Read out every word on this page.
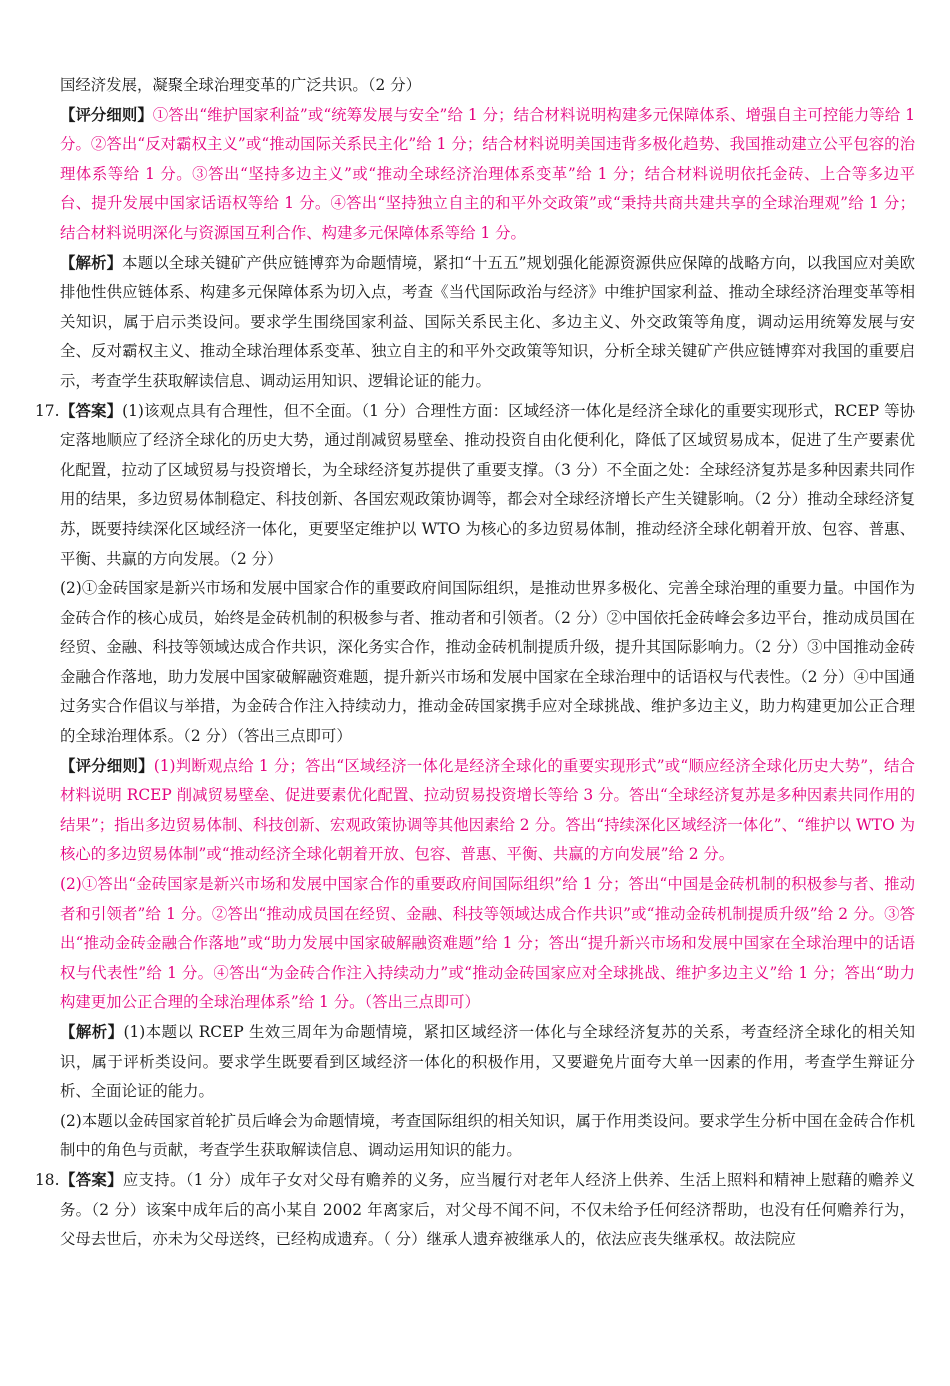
国经济发展，凝聚全球治理变革的广泛共识。（2 分）

【评分细则】①答出“维护国家利益”或“统筹发展与安全”给 1 分；结合材料说明构建多元保障体系、增强自主可控能力等给 1 分。②答出“反对霸权主义”或“推动国际关系民主化”给 1 分；结合材料说明美国违背多极化趋势、我国推动建立公平包容的治理体系等给 1 分。③答出“坚持多边主义”或“推动全球经济治理体系变革”给 1 分；结合材料说明依托金砖、上合等多边平台、提升发展中国家话语权等给 1 分。④答出“坚持独立自主的和平外交政策”或“秉持共商共建共享的全球治理观”给 1 分；结合材料说明深化与资源国互利合作、构建多元保障体系等给 1 分。

【解析】本题以全球关键矿产供应链博弈为命题情境，紧扣“十五五”规划强化能源资源供应保障的战略方向，以我国应对美欧排他性供应链体系、构建多元保障体系为切入点，考查《当代国际政治与经济》中维护国家利益、推动全球经济治理变革等相关知识，属于启示类设问。要求学生围绕国家利益、国际关系民主化、多边主义、外交政策等角度，调动运用统筹发展与安全、反对霸权主义、推动全球治理体系变革、独立自主的和平外交政策等知识，分析全球关键矿产供应链博弈对我国的重要启示，考查学生获取解读信息、调动运用知识、逻辑论证的能力。

17. 【答案】(1)该观点具有合理性，但不全面。（1 分）合理性方面：区域经济一体化是经济全球化的重要实现形式，RCEP 等协定落地顺应了经济全球化的历史大势，通过削减贸易壁垒、推动投资自由化便利化，降低了区域贸易成本，促进了生产要素优化配置，拉动了区域贸易与投资增长，为全球经济复苏提供了重要支撑。（3 分）不全面之处：全球经济复苏是多种因素共同作用的结果，多边贸易体制稳定、科技创新、各国宏观政策协调等，都会对全球经济增长产生关键影响。（2 分）推动全球经济复苏，既要持续深化区域经济一体化，更要坚定维护以 WTO 为核心的多边贸易体制，推动经济全球化朝着开放、包容、普惠、平衡、共赢的方向发展。（2 分）

(2)①金砖国家是新兴市场和发展中国家合作的重要政府间国际组织，是推动世界多极化、完善全球治理的重要力量。中国作为金砖合作的核心成员，始终是金砖机制的积极参与者、推动者和引领者。（2 分）②中国依托金砖峰会多边平台，推动成员国在经贸、金融、科技等领域达成合作共识，深化务实合作，推动金砖机制提质升级，提升其国际影响力。（2 分）③中国推动金砖金融合作落地，助力发展中国家破解融资难题，提升新兴市场和发展中国家在全球治理中的话语权与代表性。（2 分）④中国通过务实合作倡议与举措，为金砖合作注入持续动力，推动金砖国家携手应对全球挑战、维护多边主义，助力构建更加公正合理的全球治理体系。（2 分）（答出三点即可）

【评分细则】(1)判断观点给 1 分；答出“区域经济一体化是经济全球化的重要实现形式”或“顺应经济全球化历史大势”，结合材料说明 RCEP 削减贸易壁垒、促进要素优化配置、拉动贸易投资增长等给 3 分。答出“全球经济复苏是多种因素共同作用的结果”；指出多边贸易体制、科技创新、宏观政策协调等其他因素给 2 分。答出“持续深化区域经济一体化”、“维护以 WTO 为核心的多边贸易体制”或“推动经济全球化朝着开放、包容、普惠、平衡、共赢的方向发展”给 2 分。

(2)①答出“金砖国家是新兴市场和发展中国家合作的重要政府间国际组织”给 1 分；答出“中国是金砖机制的积极参与者、推动者和引领者”给 1 分。②答出“推动成员国在经贸、金融、科技等领域达成合作共识”或“推动金砖机制提质升级”给 2 分。③答出“推动金砖金融合作落地”或“助力发展中国家破解融资难题”给 1 分；答出“提升新兴市场和发展中国家在全球治理中的话语权与代表性”给 1 分。④答出“为金砖合作注入持续动力”或“推动金砖国家应对全球挑战、维护多边主义”给 1 分；答出“助力构建更加公正合理的全球治理体系”给 1 分。（答出三点即可）

【解析】(1)本题以 RCEP 生效三周年为命题情境，紧扣区域经济一体化与全球经济复苏的关系，考查经济全球化的相关知识，属于评析类设问。要求学生既要看到区域经济一体化的积极作用，又要避免片面夸大单一因素的作用，考查学生辩证分析、全面论证的能力。

(2)本题以金砖国家首轮扩员后峰会为命题情境，考查国际组织的相关知识，属于作用类设问。要求学生分析中国在金砖合作机制中的角色与贡献，考查学生获取解读信息、调动运用知识的能力。

18. 【答案】应支持。（1 分）成年子女对父母有赡养的义务，应当履行对老年人经济上供养、生活上照料和精神上慰藉的赡养义务。（2 分）该案中成年后的高小某自 2002 年离家后，对父母不闻不问，不仅未给予任何经济帮助，也没有任何赡养行为，父母去世后，亦未为父母送终，已经构成遗弃。（ 分）继承人遗弃被继承人的，依法应丧失继承权。故法院应
